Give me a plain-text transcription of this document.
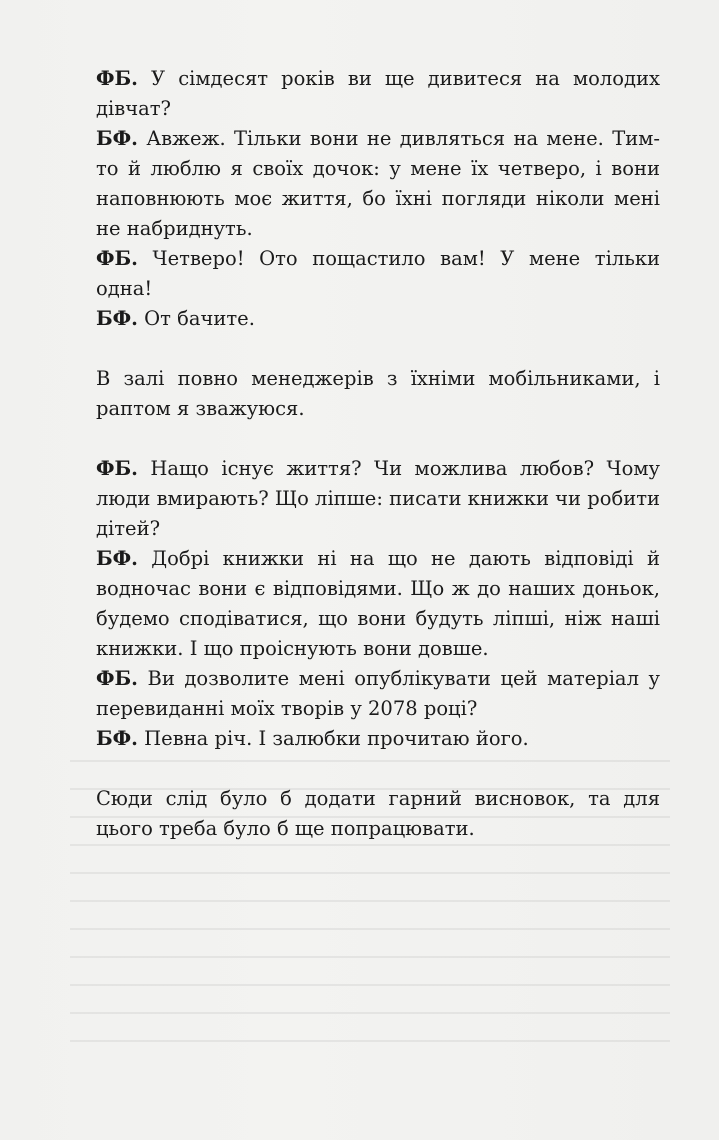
ФБ. У сімдесят років ви ще дивитеся на молодих дівчат?

БФ. Авжеж. Тільки вони не дивляться на мене. Тим-то й люблю я своїх дочок: у мене їх четверо, і вони наповнюють моє життя, бо їхні погляди ніколи мені не набриднуть.

ФБ. Четверо! Ото пощастило вам! У мене тільки одна!

БФ. От бачите.

В залі повно менеджерів з їхніми мобільниками, і раптом я зважуюся.

ФБ. Нащо існує життя? Чи можлива любов? Чому люди вмирають? Що ліпше: писати книжки чи робити дітей?

БФ. Добрі книжки ні на що не дають відповіді й водночас вони є відповідями. Що ж до наших доньок, будемо сподіватися, що вони будуть ліпші, ніж наші книжки. І що проіснують вони довше.

ФБ. Ви дозволите мені опублікувати цей матеріал у перевиданні моїх творів у 2078 році?

БФ. Певна річ. І залюбки прочитаю його.

Сюди слід було б додати гарний висновок, та для цього треба було б ще попрацювати.
